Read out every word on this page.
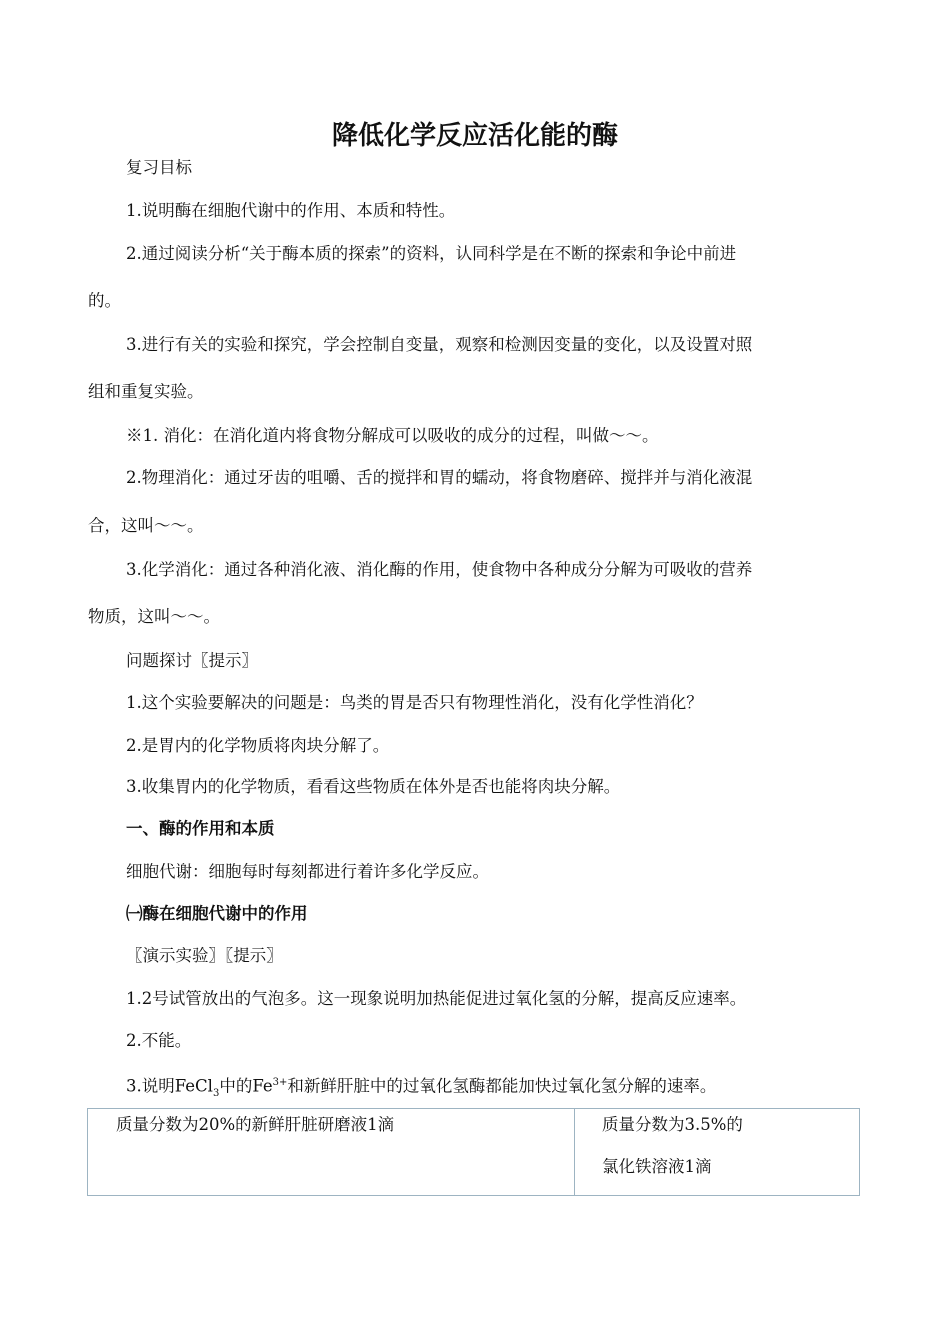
降低化学反应活化能的酶
复习目标
1.说明酶在细胞代谢中的作用、本质和特性。
2.通过阅读分析“关于酶本质的探索”的资料，认同科学是在不断的探索和争论中前进
的。
3.进行有关的实验和探究，学会控制自变量，观察和检测因变量的变化，以及设置对照
组和重复实验。
※1. 消化：在消化道内将食物分解成可以吸收的成分的过程，叫做～～。
2.物理消化：通过牙齿的咀嚼、舌的搅拌和胃的蠕动，将食物磨碎、搅拌并与消化液混
合，这叫～～。
3.化学消化：通过各种消化液、消化酶的作用，使食物中各种成分分解为可吸收的营养
物质，这叫～～。
问题探讨〖提示〗
1.这个实验要解决的问题是：鸟类的胃是否只有物理性消化，没有化学性消化？
2.是胃内的化学物质将肉块分解了。
3.收集胃内的化学物质，看看这些物质在体外是否也能将肉块分解。
一、酶的作用和本质
细胞代谢：细胞每时每刻都进行着许多化学反应。
㈠酶在细胞代谢中的作用
〖演示实验〗〖提示〗
1.2号试管放出的气泡多。这一现象说明加热能促进过氧化氢的分解，提高反应速率。
2.不能。
3.说明FeCl$_3$中的$Fe^{3+}$和新鲜肝脏中的过氧化氢酶都能加快过氧化氢分解的速率。
质量分数为20%的新鲜肝脏研磨液1滴	质量分数为3.5%的
氯化铁溶液1滴
